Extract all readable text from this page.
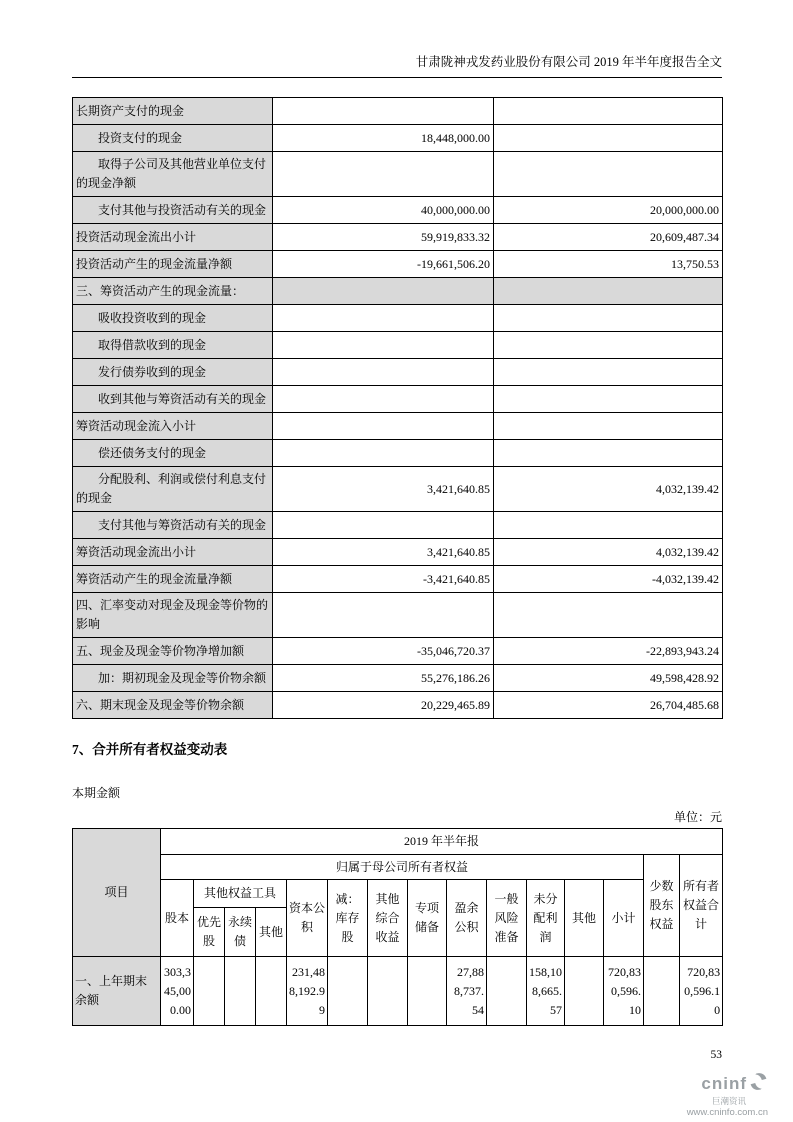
甘肃陇神戎发药业股份有限公司 2019 年半年度报告全文
长期资产支付的现金		
投资支付的现金	18,448,000.00	
取得子公司及其他营业单位支付的现金净额		
支付其他与投资活动有关的现金	40,000,000.00	20,000,000.00
投资活动现金流出小计	59,919,833.32	20,609,487.34
投资活动产生的现金流量净额	-19,661,506.20	13,750.53
三、筹资活动产生的现金流量：		
吸收投资收到的现金		
取得借款收到的现金		
发行债券收到的现金		
收到其他与筹资活动有关的现金		
筹资活动现金流入小计		
偿还债务支付的现金		
分配股利、利润或偿付利息支付的现金	3,421,640.85	4,032,139.42
支付其他与筹资活动有关的现金		
筹资活动现金流出小计	3,421,640.85	4,032,139.42
筹资活动产生的现金流量净额	-3,421,640.85	-4,032,139.42
四、汇率变动对现金及现金等价物的影响		
五、现金及现金等价物净增加额	-35,046,720.37	-22,893,943.24
加：期初现金及现金等价物余额	55,276,186.26	49,598,428.92
六、期末现金及现金等价物余额	20,229,465.89	26,704,485.68
7、合并所有者权益变动表
本期金额
单位：元
项目	2019 年半年报														
	归属于母公司所有者权益													少数股东权益	所有者权益合计
	股本	其他权益工具			资本公积	减：库存股	其他综合收益	专项储备	盈余公积	一般风险准备	未分配利润	其他	小计		
		优先股	永续债	其他											
一、上年期末余额	303,345,000.00				231,488,192.99				27,888,737.54		158,108,665.57		720,830,596.10		720,830,596.10
53
cninf
巨潮资讯
www.cninfo.com.cn
